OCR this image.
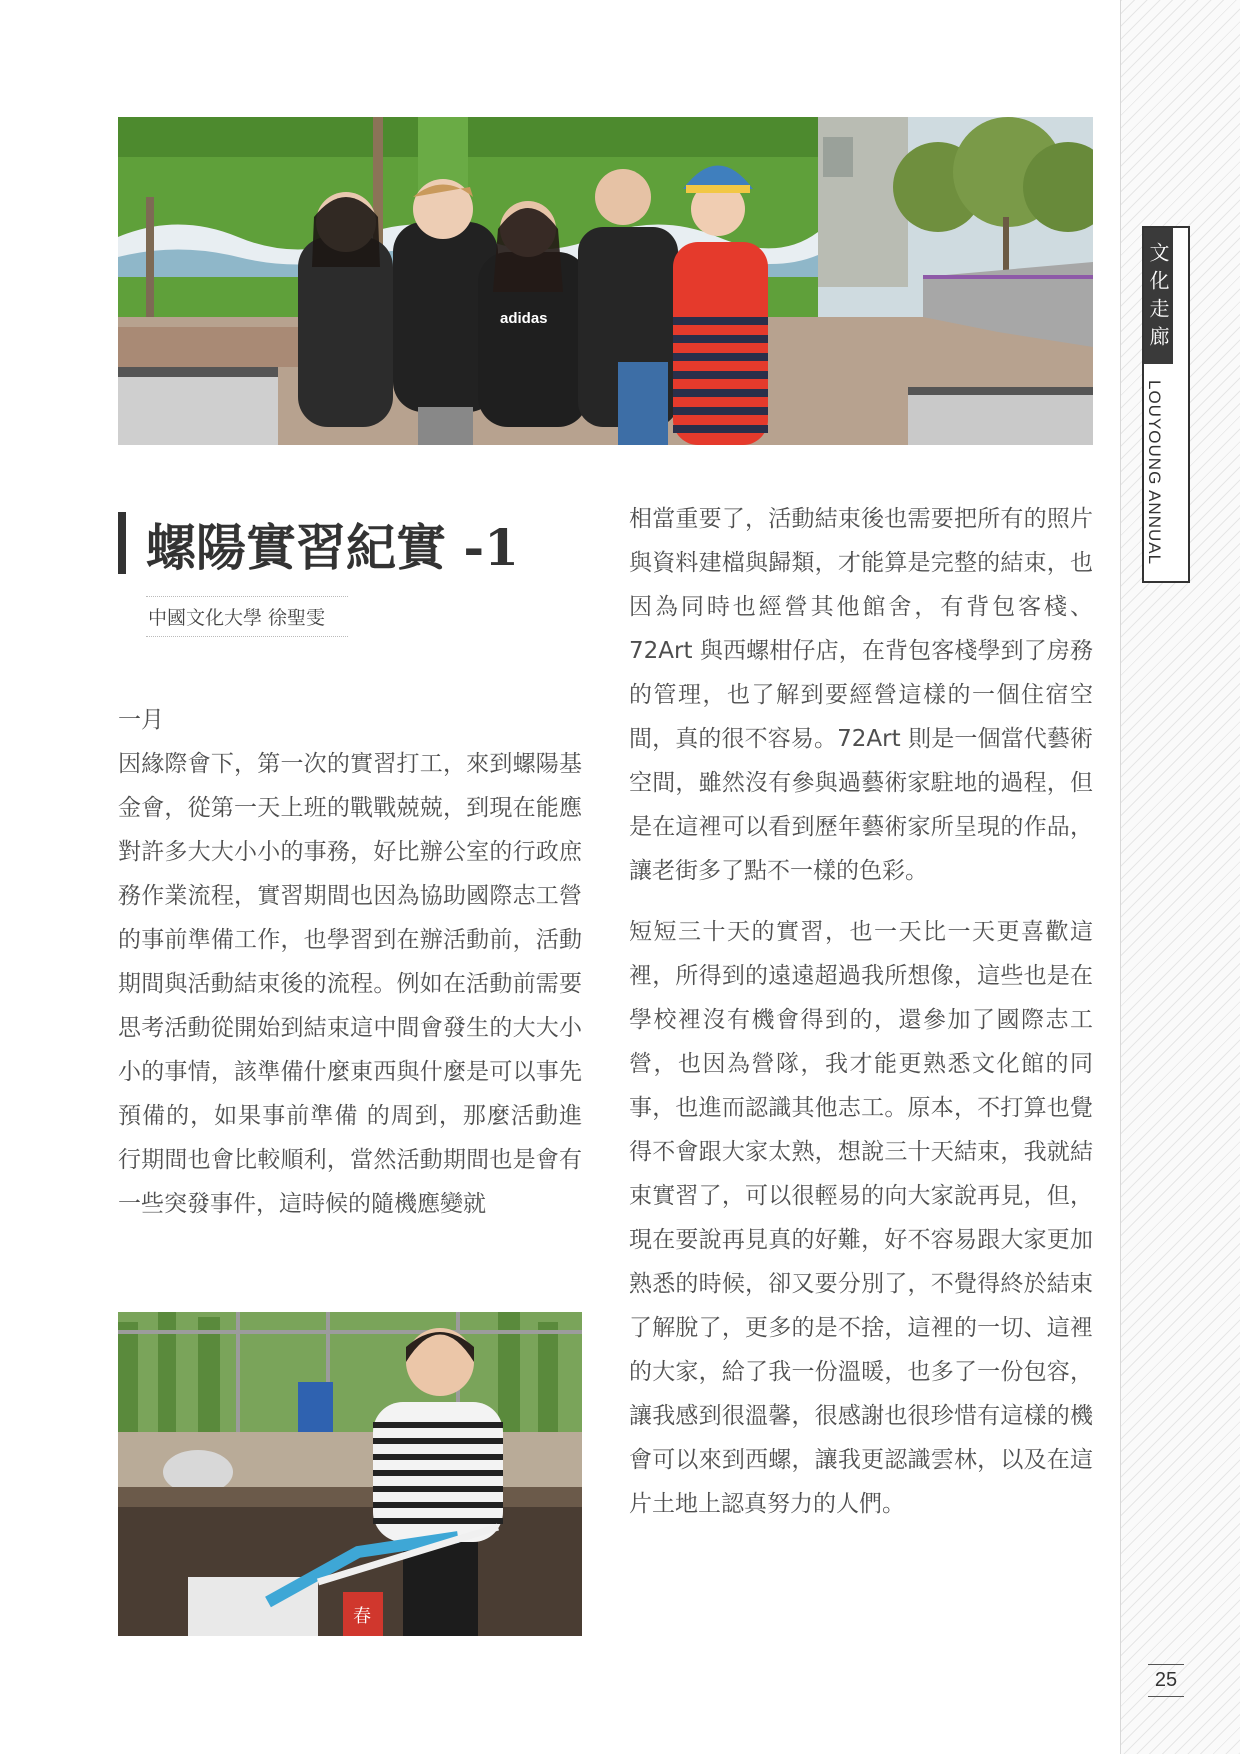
文化走廊
LOUYOUNG ANNUAL
25
adidas
螺陽實習紀實 -1
中國文化大學 徐聖雯

一月

因緣際會下，第一次的實習打工，來到螺陽基金會，從第一天上班的戰戰兢兢，到現在能應對許多大大小小的事務，好比辦公室的行政庶務作業流程，實習期間也因為協助國際志工營的事前準備工作，也學習到在辦活動前，活動期間與活動結束後的流程。例如在活動前需要思考活動從開始到結束這中間會發生的大大小小的事情，該準備什麼東西與什麼是可以事先預備的，如果事前準備 的周到，那麼活動進行期間也會比較順利，當然活動期間也是會有一些突發事件，這時候的隨機應變就

相當重要了，活動結束後也需要把所有的照片與資料建檔與歸類，才能算是完整的結束，也因為同時也經營其他館舍，有背包客棧、72Art 與西螺柑仔店，在背包客棧學到了房務的管理，也了解到要經營這樣的一個住宿空間，真的很不容易。72Art 則是一個當代藝術空間，雖然沒有參與過藝術家駐地的過程，但是在這裡可以看到歷年藝術家所呈現的作品，讓老街多了點不一樣的色彩。

短短三十天的實習，也一天比一天更喜歡這裡，所得到的遠遠超過我所想像，這些也是在學校裡沒有機會得到的，還參加了國際志工營，也因為營隊，我才能更熟悉文化館的同事，也進而認識其他志工。原本，不打算也覺得不會跟大家太熟，想說三十天結束，我就結束實習了，可以很輕易的向大家說再見，但，現在要說再見真的好難，好不容易跟大家更加熟悉的時候，卻又要分別了，不覺得終於結束了解脫了，更多的是不捨，這裡的一切、這裡的大家，給了我一份溫暖，也多了一份包容，讓我感到很溫馨，很感謝也很珍惜有這樣的機會可以來到西螺，讓我更認識雲林，以及在這片土地上認真努力的人們。

春
